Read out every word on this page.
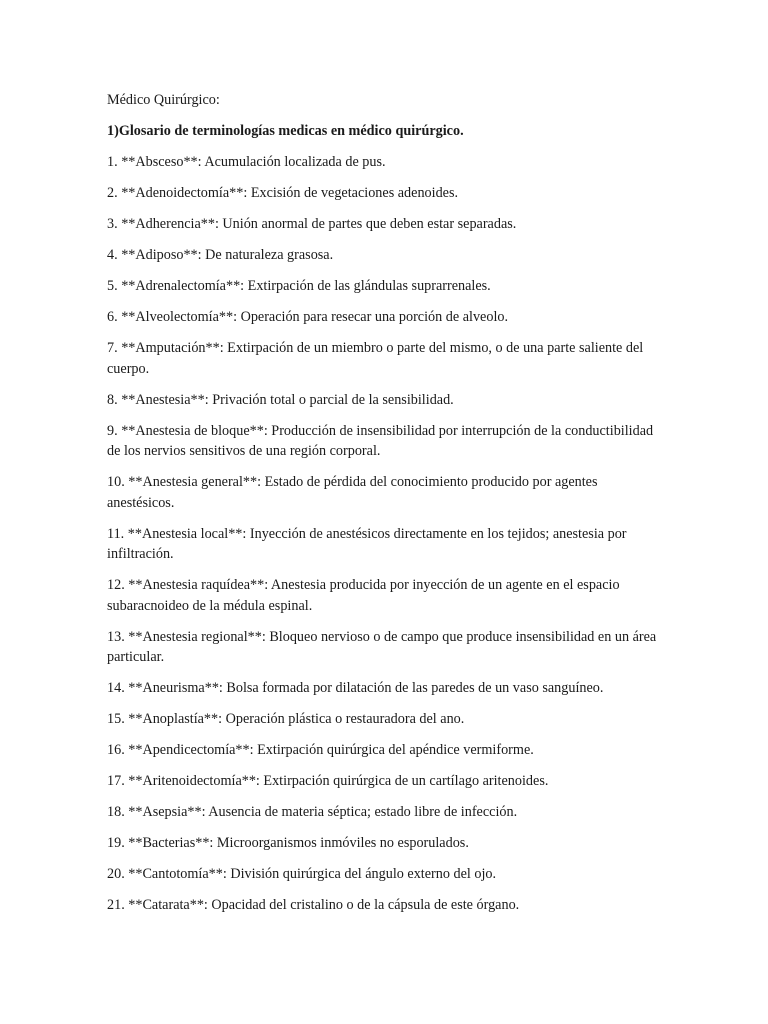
Médico Quirúrgico:

1)Glosario de terminologías medicas en médico quirúrgico.

1. **Absceso**: Acumulación localizada de pus.

2. **Adenoidectomía**: Excisión de vegetaciones adenoides.

3. **Adherencia**: Unión anormal de partes que deben estar separadas.

4. **Adiposo**: De naturaleza grasosa.

5. **Adrenalectomía**: Extirpación de las glándulas suprarrenales.

6. **Alveolectomía**: Operación para resecar una porción de alveolo.

7. **Amputación**: Extirpación de un miembro o parte del mismo, o de una parte saliente del cuerpo.

8. **Anestesia**: Privación total o parcial de la sensibilidad.

9. **Anestesia de bloque**: Producción de insensibilidad por interrupción de la conductibilidad de los nervios sensitivos de una región corporal.

10. **Anestesia general**: Estado de pérdida del conocimiento producido por agentes anestésicos.

11. **Anestesia local**: Inyección de anestésicos directamente en los tejidos; anestesia por infiltración.

12. **Anestesia raquídea**: Anestesia producida por inyección de un agente en el espacio subaracnoideo de la médula espinal.

13. **Anestesia regional**: Bloqueo nervioso o de campo que produce insensibilidad en un área particular.

14. **Aneurisma**: Bolsa formada por dilatación de las paredes de un vaso sanguíneo.

15. **Anoplastía**: Operación plástica o restauradora del ano.

16. **Apendicectomía**: Extirpación quirúrgica del apéndice vermiforme.

17. **Aritenoidectomía**: Extirpación quirúrgica de un cartílago aritenoides.

18. **Asepsia**: Ausencia de materia séptica; estado libre de infección.

19. **Bacterias**: Microorganismos inmóviles no esporulados.

20. **Cantotomía**: División quirúrgica del ángulo externo del ojo.

21. **Catarata**: Opacidad del cristalino o de la cápsula de este órgano.
